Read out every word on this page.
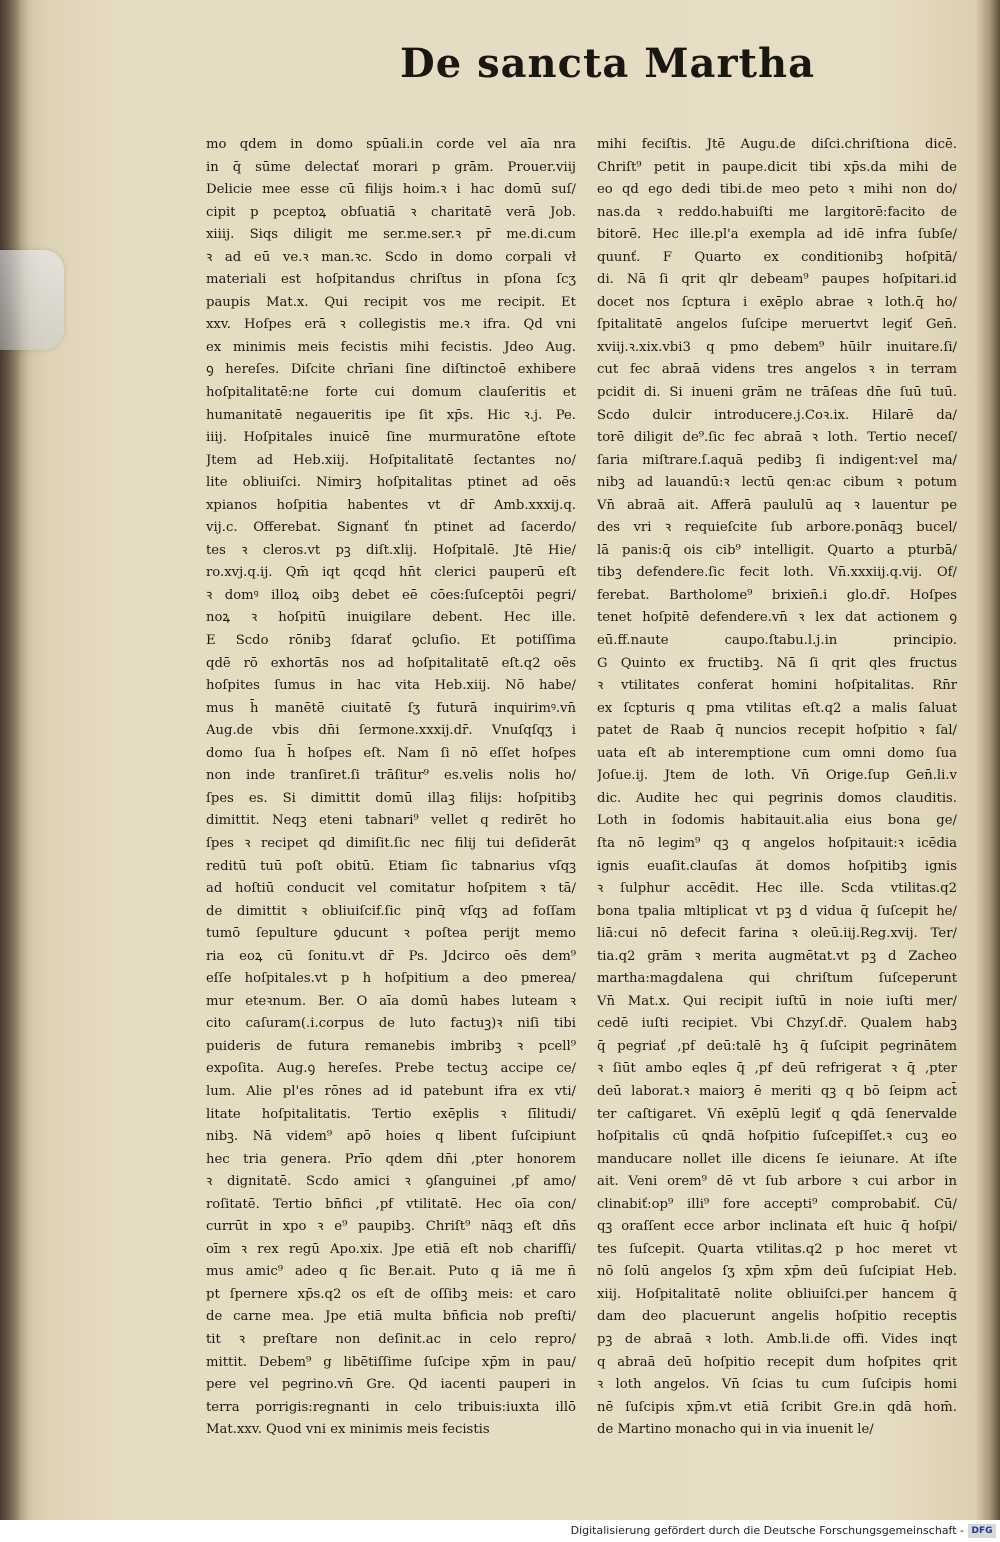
De sancta Martha
mo qdem in domo spūali.in corde vel aīa nra
in q̄ sūme delectať morari p grām. Prouer.viij
Delicie mee esse cū filijs hoim.ꝛ i hac domū suſ/
cipit p pceptoꝝ obſuatiā ꝛ charitatē verā Job.
xiiij. Siqs diligit me ser.me.ser.ꝛ pr̄ me.di.cum
ꝛ ad eū ve.ꝛ man.ꝛc. Scdo in domo corpali vł
materiali est hoſpitandus chriſtus in pſona ſcʒ
paupis Mat.x. Qui recipit vos me recipit. Et
xxv. Hoſpes erā ꝛ collegistis me.ꝛ ifra. Qd vni
ex minimis meis fecistis mihi fecistis. Jdeo Aug.
ꝯ hereſes. Diſcite chrīani ſine diſtinctoē exhibere
hoſpitalitatē:ne forte cui domum clauſeritis et
humanitatē negaueritis ipe ſit xp̄s. Hic ꝛ.j. Pe.
iiij. Hoſpitales inuicē ſine murmuratōne eſtote
Jtem ad Heb.xiij. Hoſpitalitatē ſectantes no/
lite obliuiſci. Nimirꝫ hoſpitalitas ptinet ad oēs
xpianos hoſpitia habentes vt dr̄ Amb.xxxij.q.
vij.c. Offerebat. Signanť ťn ptinet ad ſacerdo/
tes ꝛ cleros.vt pꝫ diſt.xlij. Hoſpitalē. Jtē Hie/
ro.xvj.q.ij. Qm̄ iqt qcqd hn̄t clerici pauperū eſt
ꝛ domꝰ illoꝝ oibꝫ debet eē cōes:ſuſceptōi pegri/
noꝝ ꝛ hoſpitū inuigilare debent. Hec ille.
E Scdo rōnibꝫ ſdarať ꝯcluſio. Et potiſſima
qdē rō exhortās nos ad hoſpitalitatē eſt.q2 oēs
hoſpites ſumus in hac vita Heb.xiij. Nō habe/
mus h̄ manētē ciuitatē ſʒ futurā inquirimꝰ.vn̄
Aug.de vbis dn̄i ſermone.xxxij.dr̄. Vnuſqſqʒ i
domo ſua h̄ hoſpes eſt. Nam ſi nō eſſet hoſpes
non inde tranſiret.ſi trāſitur⁹ es.velis nolis ho/
ſpes es. Si dimittit domū illaꝫ filijs: hoſpitibꝫ
dimittit. Neqꝫ eteni tabnari⁹ vellet q redirēt ho
ſpes ꝛ recipet qd dimiſit.ſic nec filij tui deſiderāt
reditū tuū poſt obitū. Etiam ſic tabnarius vſqꝫ
ad hoſtiū conducit vel comitatur hoſpitem ꝛ tā/
de dimittit ꝛ obliuiſcif.ſic pinq̄ vſqꝫ ad foſſam
tumō ſepulture ꝯducunt ꝛ poſtea perijt memo
ria eoꝝ cū ſonitu.vt dr̄ Ps. Jdcirco oēs dem⁹
eſſe hoſpitales.vt p h hoſpitium a deo pmerea/
mur eteꝛnum. Ber. O aīa domū habes luteam ꝛ
cito caſuram(.i.corpus de luto factuꝫ)ꝛ niſi tibi
puideris de futura remanebis imbribꝫ ꝛ pcell⁹
expoſita. Aug.ꝯ hereſes. Prebe tectuꝫ accipe ce/
lum. Alie pl'es rōnes ad id patebunt ifra ex vti/
litate hoſpitalitatis. Tertio exēplis ꝛ ſīlitudi/
nibꝫ. Nā videm⁹ apō hoies q libent ſuſcipiunt
hec tria genera. Prīo qdem dn̄i ,pter honorem
ꝛ dignitatē. Scdo amici ꝛ ꝯſanguinei ,pf amo/
roſitatē. Tertio bn̄fici ,pf vtilitatē. Hec oīa con/
currūt in xpo ꝛ e⁹ paupibꝫ. Chriſt⁹ nāqꝫ eſt dn̄s
oīm ꝛ rex regū Apo.xix. Jpe etiā eſt nob charifſi/
mus amic⁹ adeo q ſic Ber.ait. Puto q iā me n̄
pt ſpernere xp̄s.q2 os eſt de oſſibꝫ meis: et caro
de carne mea. Jpe etiā multa bn̄ficia nob preſti/
tit ꝛ preſtare non deſinit.ac in celo repro/
mittit. Debem⁹ g libētiſſime ſuſcipe xp̄m in pau/
pere vel pegrino.vn̄ Gre. Qd iacenti pauperi in
terra porrigis:regnanti in celo tribuis:iuxta illō
Mat.xxv. Quod vni ex minimis meis fecistis
mihi feciſtis. Jtē Augu.de diſci.chriſtiona dicē.
Chriſt⁹ petit in paupe.dicit tibi xp̄s.da mihi de
eo qd ego dedi tibi.de meo peto ꝛ mihi non do/
nas.da ꝛ reddo.habuiſti me largitorē:facito de
bitorē. Hec ille.pl'a exempla ad idē infra ſubſe/
quunť. F Quarto ex conditionibꝫ hoſpitā/
di. Nā ſi qrit qlr debeam⁹ paupes hoſpitari.id
docet nos ſcptura i exēplo abrae ꝛ loth.q̄ ho/
ſpitalitatē angelos ſuſcipe meruertvt legiť Gen̄.
xviij.ꝛ.xix.vbi3 q pmo debem⁹ hūilr inuitare.ſi/
cut fec abraā videns tres angelos ꝛ in terram
pcidit di. Si inueni grām ne trāſeas dn̄e ſuū tuū.
Scdo dulcir introducere.j.Coꝛ.ix. Hilarē da/
torē diligit de⁹.ſic fec abraā ꝛ loth. Tertio neceſ/
ſaria miſtrare.ſ.aquā pedibꝫ ſi indigent:vel ma/
nibꝫ ad lauandū:ꝛ lectū qen:ac cibum ꝛ potum
Vn̄ abraā ait. Afferā paululū aq ꝛ lauentur pe
des vri ꝛ requieſcite ſub arbore.ponāqꝫ bucel/
lā panis:q̄ ois cib⁹ intelligit. Quarto a pturbā/
tibꝫ defendere.ſic fecit loth. Vn̄.xxxiij.q.vij. Of/
ferebat. Bartholome⁹ brixien̄.i glo.dr̄. Hoſpes
tenet hoſpitē defendere.vn̄ ꝛ lex dat actionem ꝯ
eū.ff.naute caupo.ſtabu.l.j.in principio.
G Quinto ex fructibꝫ. Nā ſi qrit qles fructus
ꝛ vtilitates conferat homini hoſpitalitas. Rn̄r
ex ſcpturis q pma vtilitas eſt.q2 a malis ſaluat
patet de Raab q̄ nuncios recepit hoſpitio ꝛ ſal/
uata eſt ab interemptione cum omni domo ſua
Joſue.ij. Jtem de loth. Vn̄ Orige.ſup Gen̄.li.v
dic. Audite hec qui pegrinis domos clauditis.
Loth in ſodomis habitauit.alia eius bona ge/
ſta nō legim⁹ qꝫ q angelos hoſpitauit:ꝛ icēdia
ignis euaſit.clauſas ăt domos hoſpitibꝫ ignis
ꝛ ſulphur accēdit. Hec ille. Scda vtilitas.q2
bona tpalia mltiplicat vt pꝫ d vidua q̄ ſuſcepit he/
liā:cui nō defecit farina ꝛ oleū.iij.Reg.xvij. Ter/
tia.q2 grām ꝛ merita augmētat.vt pꝫ d Zacheo
martha:magdalena qui chriſtum ſuſceperunt
Vn̄ Mat.x. Qui recipit iuſtū in noie iuſti mer/
cedē iuſti recipiet. Vbi Chzyſ.dr̄. Qualem habꝫ
q̄ pegriať ,pf deū:talē hꝫ q̄ ſuſcipit pegrinātem
ꝛ ſiūt ambo eqles q̄ ,pf deū refrigerat ꝛ q̄ ,pter
deū laborat.ꝛ maiorꝫ ē meriti qꝫ q bō ſeipm act̄
ter caſtigaret. Vn̄ exēplū legiť q ꝗdā ſenervalde
hoſpitalis cū ꝗndā hoſpitio ſuſcepiſſet.ꝛ cuꝫ eo
manducare nollet ille dicens ſe ieiunare. At iſte
ait. Veni orem⁹ dē vt ſub arbore ꝛ cui arbor in
clinabiť:op⁹ illi⁹ fore accepti⁹ comprobabiť. Cū/
qꝫ oraſſent ecce arbor inclinata eſt huic q̄ hoſpi/
tes ſuſcepit. Quarta vtilitas.q2 p hoc meret vt
nō ſolū angelos ſʒ xp̄m xp̄m deū ſuſcipiat Heb.
xiij. Hoſpitalitatē nolite obliuiſci.per hancem q̄
dam deo placuerunt angelis hoſpitio receptis
pꝫ de abraā ꝛ loth. Amb.li.de offi. Vides inqt
q abraā deū hoſpitio recepit dum hoſpites qrit
ꝛ loth angelos. Vn̄ ſcias tu cum ſuſcipis homi
nē ſuſcipis xp̄m.vt etiā ſcribit Gre.in qdā hom̄.
de Martino monacho qui in via inuenit le/
Digitalisierung gefördert durch die Deutsche Forschungsgemeinschaft - DFG
